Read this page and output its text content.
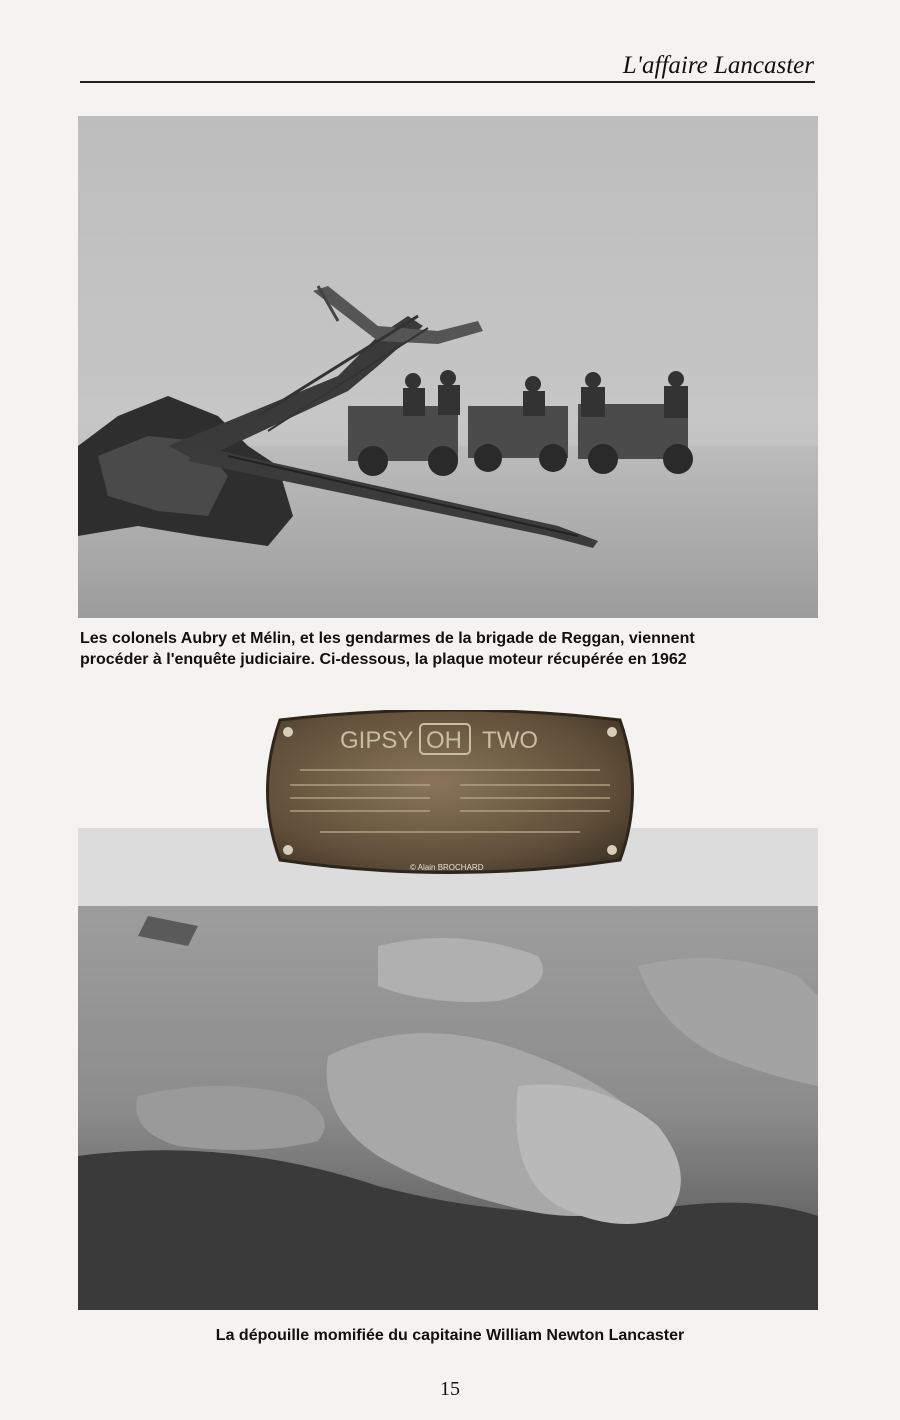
L'affaire Lancaster
Les colonels Aubry et Mélin, et les gendarmes de la brigade de Reggan, viennent
procéder à l'enquête judiciaire. Ci-dessous, la plaque moteur récupérée en 1962
GIPSY OH TWO
© Alain BROCHARD
La dépouille momifiée du capitaine William Newton Lancaster
15
